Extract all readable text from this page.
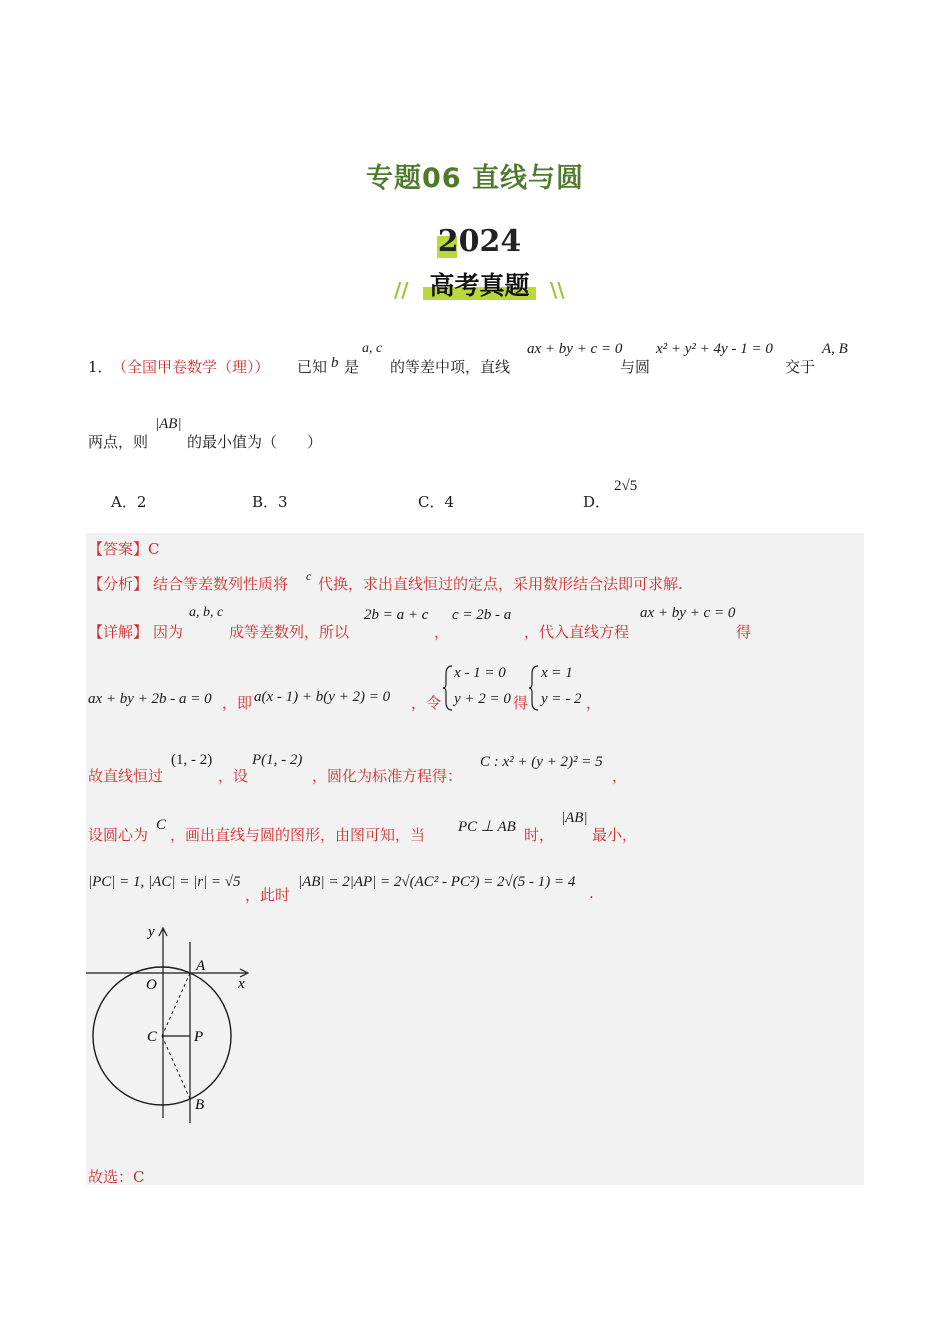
专题06 直线与圆
2024
// 高考真题	\\
1． （全国甲卷数学（理）） 已知 b 是
a, c
的等差中项，直线
ax + by + c = 0
与圆
x² + y² + 4y - 1 = 0
交于
A, B
两点，则
|AB|
的最小值为（　　）
A．2	B．3	C．4	D．
2√5
【答案】C
【分析】 结合等差数列性质将 c 代换，求出直线恒过的定点，采用数形结合法即可求解.
【详解】 因为
a, b, c
成等差数列，所以
2b = a + c
，
c = 2b - a
，代入直线方程
ax + by + c = 0
得
ax + by + 2b - a = 0 ，即 a(x - 1) + b(y + 2) = 0 ，令
x - 1 = 0
y + 2 = 0 得
x = 1
y = - 2 ，
故直线恒过
(1, - 2)
，设
P(1, - 2)
，圆化为标准方程得：
C : x² + (y + 2)² = 5
，
设圆心为
C
，画出直线与圆的图形，由图可知，当 PC ⊥ AB 时，
|AB|
最小，
|PC| = 1, |AC| = |r| = √5
，此时
|AB| = 2|AP| = 2√(AC² - PC²) = 2√(5 - 1) = 4
.
y
x
O
A
C P
B
故选：C
